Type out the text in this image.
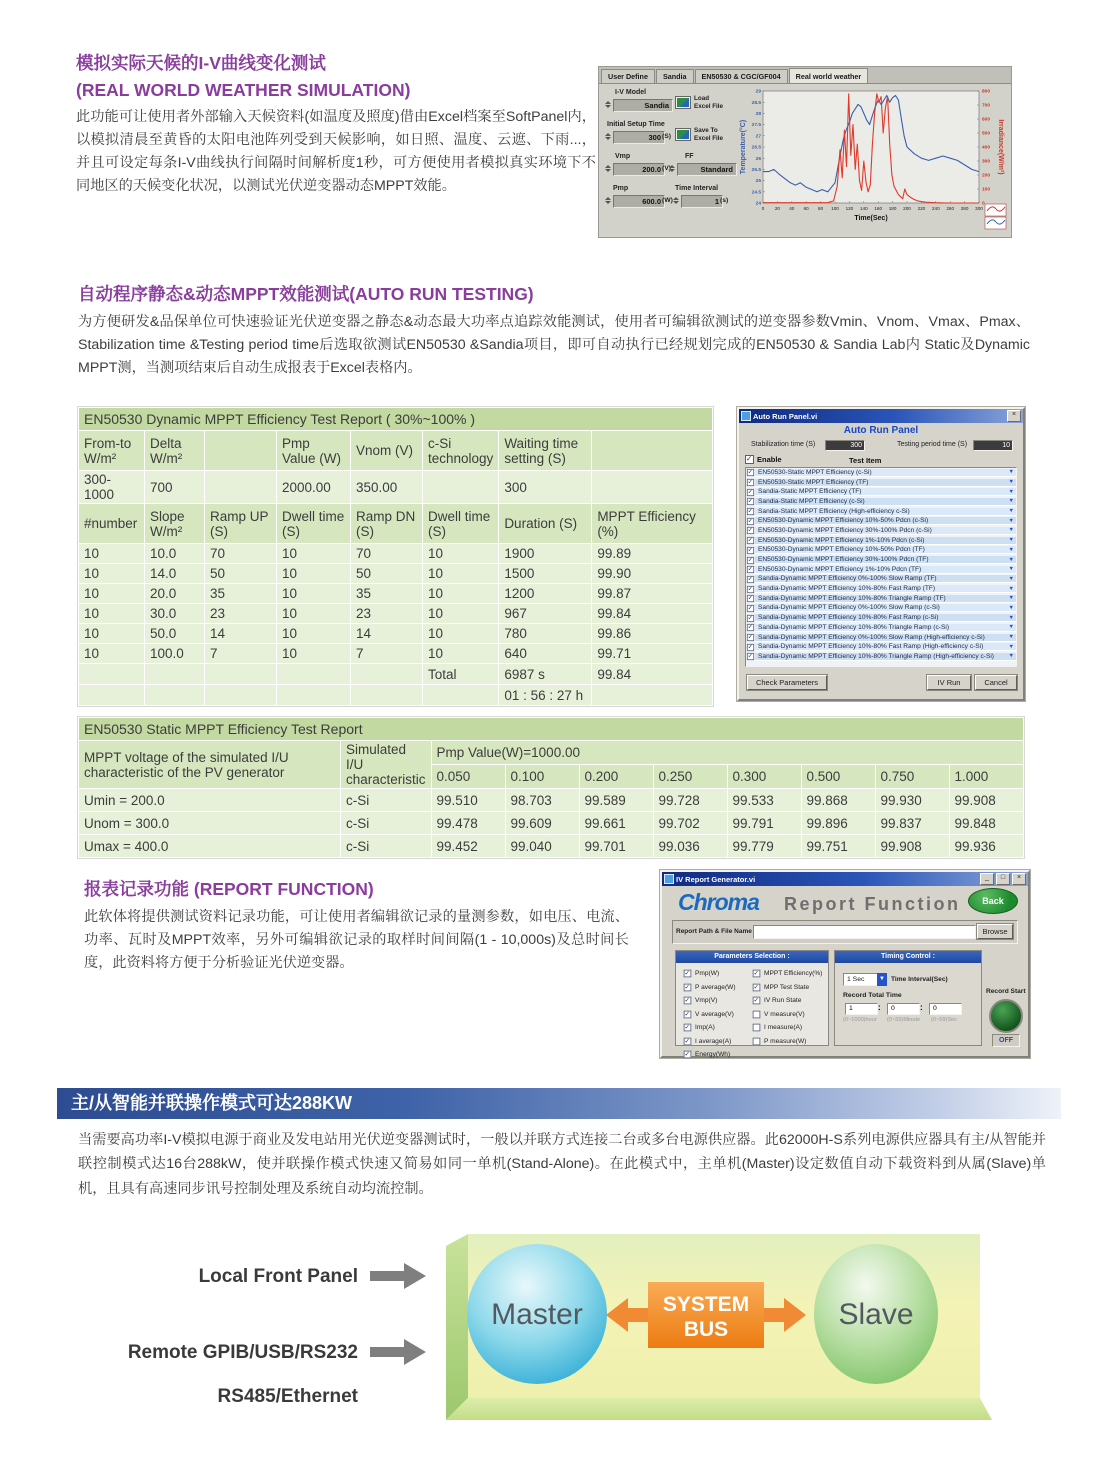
模拟实际天候的I-V曲线变化测试
(REAL WORLD WEATHER SIMULATION)

此功能可让使用者外部输入天候资料(如温度及照度)借由Excel档案至SoftPanel内，以模拟清晨至黄昏的太阳电池阵列受到天候影响，如日照、温度、云遮、下雨...，并且可设定每条I-V曲线执行间隔时间解析度1秒，可方便使用者模拟真实环境下不同地区的天候变化状况，以测试光伏逆变器动态MPPT效能。

User Define	Sandia	EN50530 & CGC/GF004	Real world weather
I-V Model
Sandia
Initial Setup Time
300 (S)
Vmp
200.0 (V)
FF
Standard
Pmp
600.0 (W)
Time Interval
1 (s)
Load
Excel File
Save To
Excel File
24
24.5
25
25.5
26
26.5
27
27.5
28
28.5
29
0
100
200
300
400
500
600
700
800
0 20 40 60 80 100 120 140 160 180 200 220 240 260 280 300
Temperature(°C)	Irradiance(W/m²)
Time(Sec)
自动程序静态&动态MPPT效能测试(AUTO RUN TESTING)

为方便研发&品保单位可快速验证光伏逆变器之静态&动态最大功率点追踪效能测试，使用者可编辑欲测试的逆变器参数Vmin、Vnom、Vmax、Pmax、Stabilization time &Testing period time后选取欲测试EN50530 &Sandia项目，即可自动执行已经规划完成的EN50530 & Sandia Lab内 Static及Dynamic MPPT测，当测项结束后自动生成报表于Excel表格内。

EN50530 Dynamic MPPT Efficiency Test Report ( 30%~100% )							
From-to W/m²	Delta W/m²		Pmp Value (W)	Vnom (V)	c-Si technology	Waiting time setting (S)	
300-1000	700		2000.00	350.00		300	
#number	Slope W/m²	Ramp UP (S)	Dwell time (S)	Ramp DN (S)	Dwell time (S)	Duration (S)	MPPT Efficiency (%)
10	10.0	70	10	70	10	1900	99.89
10	14.0	50	10	50	10	1500	99.90
10	20.0	35	10	35	10	1200	99.87
10	30.0	23	10	23	10	967	99.84
10	50.0	14	10	14	10	780	99.86
10	100.0	7	10	7	10	640	99.71
					Total	6987 s	99.84
						01 : 56 : 27 h	
Auto Run Panel.vi	×
Auto Run Panel
Stabilization time (S)	300	Testing period time (S)	10
✓
Enable	Test Item
✓
EN50530-Static MPPT Efficiency (c-Si)	▼
✓
EN50530-Static MPPT Efficiency (TF)	▼
✓
Sandia-Static MPPT Efficiency (TF)	▼
✓
Sandia-Static MPPT Efficiency (c-Si)	▼
✓
Sandia-Static MPPT Efficiency (High-efficiency c-Si)	▼
✓
EN50530-Dynamic MPPT Efficiency 10%-50% Pdcn (c-Si)	▼
✓
EN50530-Dynamic MPPT Efficiency 30%-100% Pdcn (c-Si)	▼
✓
EN50530-Dynamic MPPT Efficiency 1%-10% Pdcn (c-Si)	▼
✓
EN50530-Dynamic MPPT Efficiency 10%-50% Pdcn (TF)	▼
✓
EN50530-Dynamic MPPT Efficiency 30%-100% Pdcn (TF)	▼
✓
EN50530-Dynamic MPPT Efficiency 1%-10% Pdcn (TF)	▼
✓
Sandia-Dynamic MPPT Efficiency 0%-100% Slow Ramp (TF)	▼
✓
Sandia-Dynamic MPPT Efficiency 10%-80% Fast Ramp (TF)	▼
✓
Sandia-Dynamic MPPT Efficiency 10%-80% Triangle Ramp (TF)	▼
✓
Sandia-Dynamic MPPT Efficiency 0%-100% Slow Ramp (c-Si)	▼
✓
Sandia-Dynamic MPPT Efficiency 10%-80% Fast Ramp (c-Si)	▼
✓
Sandia-Dynamic MPPT Efficiency 10%-80% Triangle Ramp (c-Si)	▼
✓
Sandia-Dynamic MPPT Efficiency 0%-100% Slow Ramp (High-efficiency c-Si)	▼
✓
Sandia-Dynamic MPPT Efficiency 10%-80% Fast Ramp (High-efficiency c-Si)	▼
✓
Sandia-Dynamic MPPT Efficiency 10%-80% Triangle Ramp (High-efficiency c-Si)	▼
Check Parameters	IV Run	Cancel
EN50530 Static MPPT Efficiency Test Report									
MPPT voltage of the simulated I/U characteristic of the PV generator	Simulated I/U characteristic	Pmp Value(W)=1000.00							
		0.050	0.100	0.200	0.250	0.300	0.500	0.750	1.000
Umin = 200.0	c-Si	99.510	98.703	99.589	99.728	99.533	99.868	99.930	99.908
Unom = 300.0	c-Si	99.478	99.609	99.661	99.702	99.791	99.896	99.837	99.848
Umax = 400.0	c-Si	99.452	99.040	99.701	99.036	99.779	99.751	99.908	99.936
报表记录功能 (REPORT FUNCTION)

此软体将提供测试资料记录功能，可让使用者编辑欲记录的量测参数，如电压、电流、功率、瓦时及MPPT效率，另外可编辑欲记录的取样时间间隔(1 - 10,000s)及总时间长度，此资料将方便于分析验证光伏逆变器。

IV Report Generator.vi	_	□	×
Chroma Report Function	Back
Report Path & File Name	Browse
Parameters Selection :
✓
Pmp(W)
✓
P average(W)
✓
Vmp(V)
✓
V average(V)
✓
Imp(A)
✓
I average(A)
✓
Energy(Wh)
✓
MPPT Efficiency(%)
✓
MPP Test State
✓
IV Run State
V measure(V)
I measure(A)
P measure(W)
Timing Control :
1 Sec	▼ Time Interval(Sec)
Record Total Time
1	:	0	:	0
(0~1000)hour (0~59)Minute (0~59)Sec
Record Start
OFF
主/从智能并联操作模式可达288KW

当需要高功率I-V模拟电源于商业及发电站用光伏逆变器测试时，一般以并联方式连接二台或多台电源供应器。此62000H-S系列电源供应器具有主/从智能并联控制模式达16台288kW，使并联操作模式快速又简易如同一单机(Stand-Alone)。在此模式中，主单机(Master)设定数值自动下载资料到从属(Slave)单机，且具有高速同步讯号控制处理及系统自动均流控制。

Local Front Panel
Remote GPIB/USB/RS232
RS485/Ethernet
Master	SYSTEM
BUS	Slave
